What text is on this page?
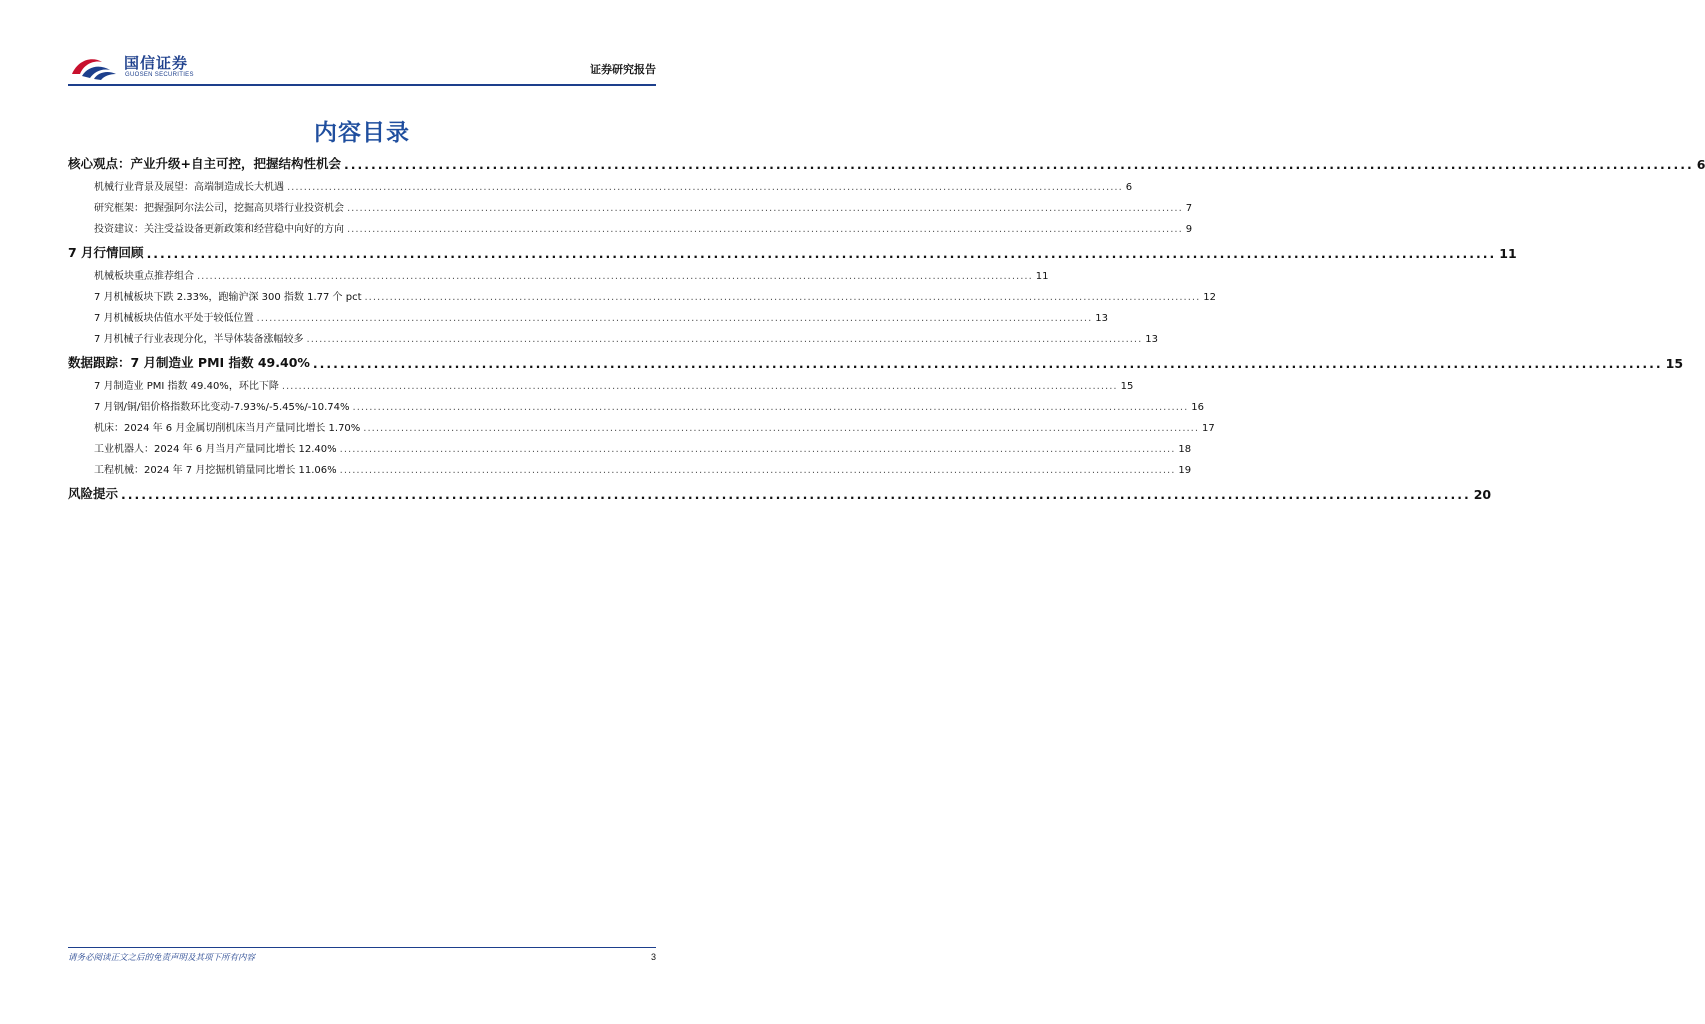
国信证券
GUOSEN SECURITIES	证券研究报告
内容目录
核心观点：产业升级+自主可控，把握结构性机会 ........................................................................................................................................................................................................ 6
机械行业背景及展望：高端制造成长大机遇 ........................................................................................................................................................................................................ 6
研究框架：把握强阿尔法公司，挖掘高贝塔行业投资机会 ........................................................................................................................................................................................................ 7
投资建议：关注受益设备更新政策和经营稳中向好的方向 ........................................................................................................................................................................................................ 9
7 月行情回顾 ........................................................................................................................................................................................................ 11
机械板块重点推荐组合 ........................................................................................................................................................................................................ 11
7 月机械板块下跌 2.33%，跑输沪深 300 指数 1.77 个 pct ........................................................................................................................................................................................................ 12
7 月机械板块估值水平处于较低位置 ........................................................................................................................................................................................................ 13
7 月机械子行业表现分化，半导体装备涨幅较多 ........................................................................................................................................................................................................ 13
数据跟踪：7 月制造业 PMI 指数 49.40% ........................................................................................................................................................................................................ 15
7 月制造业 PMI 指数 49.40%，环比下降 ........................................................................................................................................................................................................ 15
7 月钢/铜/铝价格指数环比变动-7.93%/-5.45%/-10.74% ........................................................................................................................................................................................................ 16
机床：2024 年 6 月金属切削机床当月产量同比增长 1.70% ........................................................................................................................................................................................................ 17
工业机器人：2024 年 6 月当月产量同比增长 12.40% ........................................................................................................................................................................................................ 18
工程机械：2024 年 7 月挖掘机销量同比增长 11.06% ........................................................................................................................................................................................................ 19
风险提示 ........................................................................................................................................................................................................ 20
请务必阅读正文之后的免责声明及其项下所有内容	3
